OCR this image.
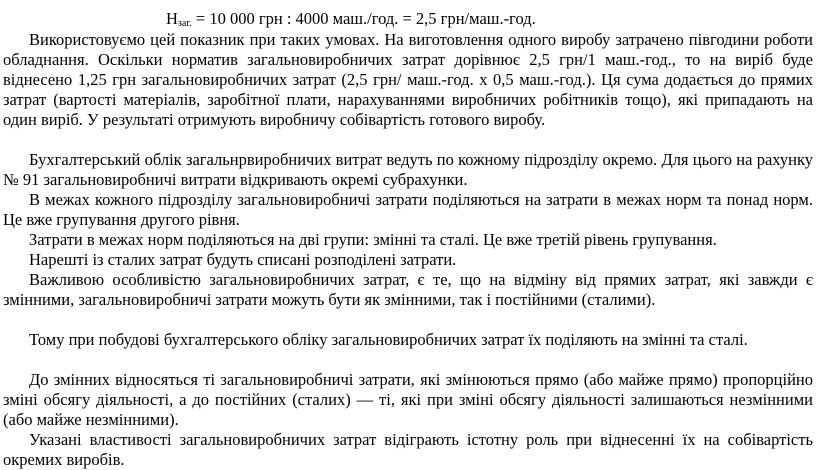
$Н_{заг.} = 10$ 000 грн : 4000 маш./год. = 2,5 грн/маш.-год.

Використовуємо цей показник при таких умовах. На виготовлення одного виробу затрачено півгодини роботи обладнання. Оскільки норматив загальновиробничих затрат дорівнює 2,5 грн/1 маш.-год., то на виріб буде віднесено 1,25 грн загальновиробничих затрат (2,5 грн/ маш.-год. х 0,5 маш.-год.). Ця сума додається до прямих затрат (вартості матеріалів, заробітної плати, нарахуваннями виробничих робітників тощо), які припадають на один виріб. У результаті отримують виробничу собівартість готового виробу.

Бухгалтерський облік загальнрвиробничих витрат ведуть по кожному підрозділу окремо. Для цього на рахунку № 91 загальновиробничі витрати відкривають окремі субрахунки.

В межах кожного підрозділу загальновиробничі затрати поділяються на затрати в межах норм та понад норм. Це вже групування другого рівня.

Затрати в межах норм поділяються на дві групи: змінні та сталі. Це вже третій рівень групування.

Нарешті із сталих затрат будуть списані розподілені затрати.

Важливою особливістю загальновиробничих затрат, є те, що на відміну від прямих затрат, які завжди є змінними, загальновиробничі затрати можуть бути як змінними, так і постійними (сталими).

Тому при побудові бухгалтерського обліку загальновиробничих затрат їх поділяють на змінні та сталі.

До змінних відносяться ті загальновиробничі затрати, які змінюються прямо (або майже прямо) пропорційно зміні обсягу діяльності, а до постійних (сталих) — ті, які при зміні обсягу діяльності залишаються незмінними (або майже незмінними).

Указані властивості загальновиробничих затрат відіграють істотну роль при віднесенні їх на собівартість окремих виробів.
